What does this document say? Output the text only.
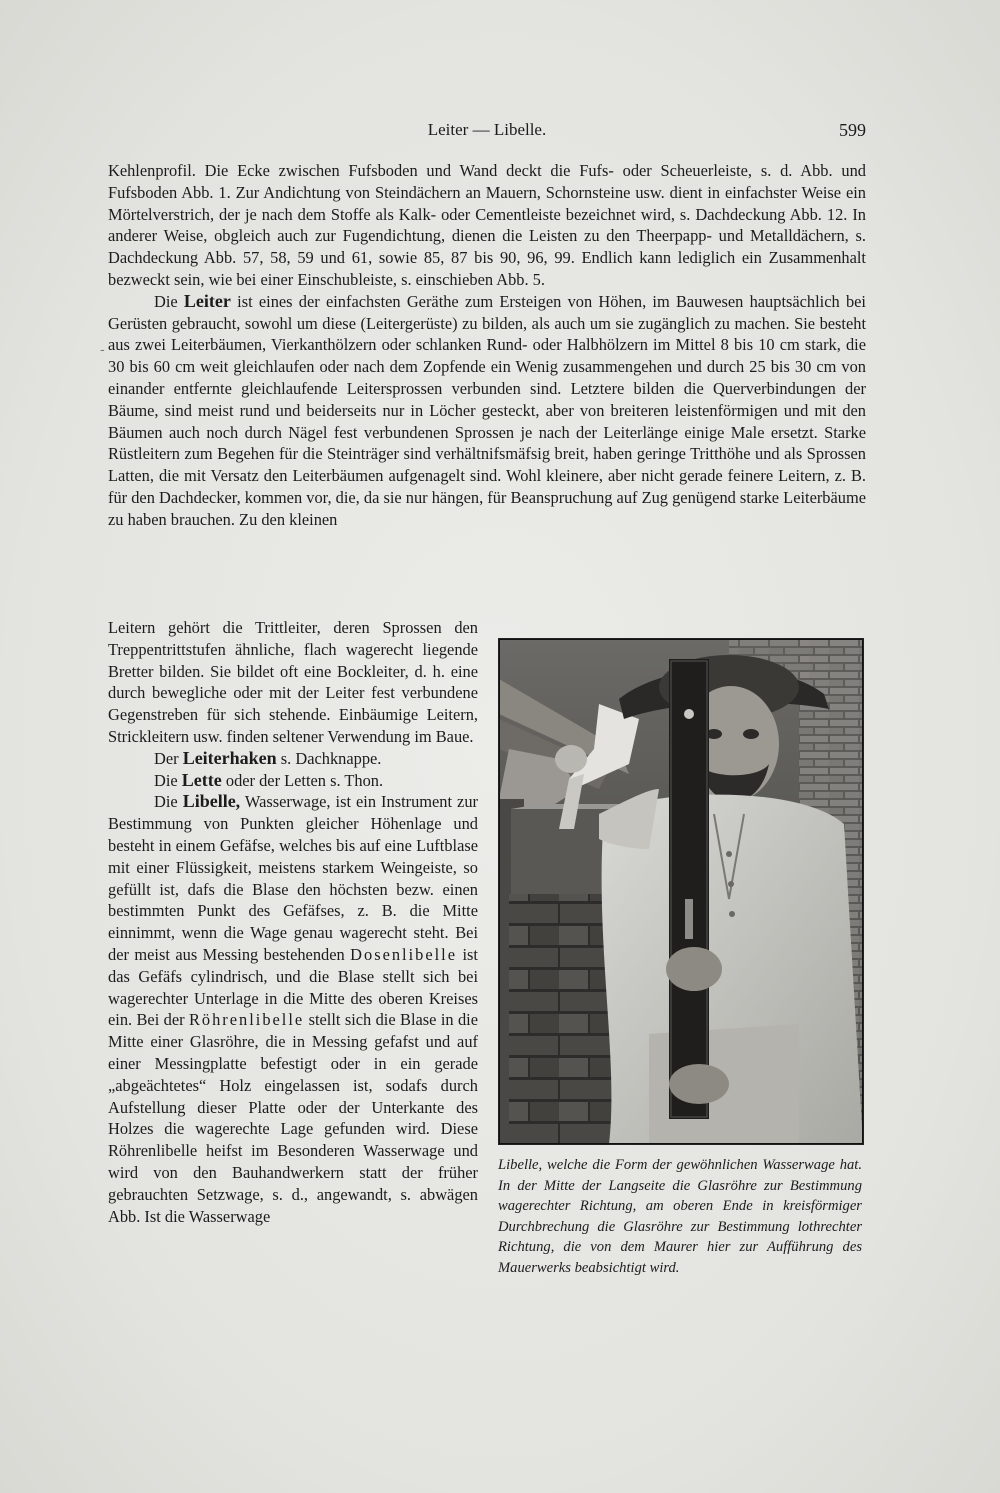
Leiter — Libelle.	599
-

Kehlenprofil. Die Ecke zwischen Fufsboden und Wand deckt die Fufs- oder Scheuerleiste, s. d. Abb. und Fufsboden Abb. 1. Zur Andichtung von Steindächern an Mauern, Schornsteine usw. dient in einfachster Weise ein Mörtelverstrich, der je nach dem Stoffe als Kalk- oder Cementleiste bezeichnet wird, s. Dachdeckung Abb. 12. In anderer Weise, obgleich auch zur Fugendichtung, dienen die Leisten zu den Theerpapp- und Metalldächern, s. Dachdeckung Abb. 57, 58, 59 und 61, sowie 85, 87 bis 90, 96, 99. Endlich kann lediglich ein Zusammenhalt bezweckt sein, wie bei einer Einschubleiste, s. einschieben Abb. 5.

Die Leiter ist eines der einfachsten Geräthe zum Ersteigen von Höhen, im Bauwesen hauptsächlich bei Gerüsten gebraucht, sowohl um diese (Leitergerüste) zu bilden, als auch um sie zugänglich zu machen. Sie besteht aus zwei Leiterbäumen, Vierkanthölzern oder schlanken Rund- oder Halbhölzern im Mittel 8 bis 10 cm stark, die 30 bis 60 cm weit gleichlaufen oder nach dem Zopfende ein Wenig zusammengehen und durch 25 bis 30 cm von einander entfernte gleichlaufende Leitersprossen verbunden sind. Letztere bilden die Querverbindungen der Bäume, sind meist rund und beiderseits nur in Löcher gesteckt, aber von breiteren leistenförmigen und mit den Bäumen auch noch durch Nägel fest verbundenen Sprossen je nach der Leiterlänge einige Male ersetzt. Starke Rüstleitern zum Begehen für die Steinträger sind verhältnifsmäfsig breit, haben geringe Tritthöhe und als Sprossen Latten, die mit Versatz den Leiterbäumen aufgenagelt sind. Wohl kleinere, aber nicht gerade feinere Leitern, z. B. für den Dachdecker, kommen vor, die, da sie nur hängen, für Beanspruchung auf Zug genügend starke Leiterbäume zu haben brauchen. Zu den kleinen

Leitern gehört die Trittleiter, deren Sprossen den Treppentrittstufen ähnliche, flach wagerecht liegende Bretter bilden. Sie bildet oft eine Bockleiter, d. h. eine durch bewegliche oder mit der Leiter fest verbundene Gegenstreben für sich stehende. Einbäumige Leitern, Strickleitern usw. finden seltener Verwendung im Baue.

Der Leiterhaken s. Dachknappe.

Die Lette oder der Letten s. Thon.

Die Libelle, Wasserwage, ist ein Instrument zur Bestimmung von Punkten gleicher Höhenlage und besteht in einem Gefäfse, welches bis auf eine Luftblase mit einer Flüssigkeit, meistens starkem Weingeiste, so gefüllt ist, dafs die Blase den höchsten bezw. einen bestimmten Punkt des Gefäfses, z. B. die Mitte einnimmt, wenn die Wage genau wagerecht steht. Bei der meist aus Messing bestehenden Dosenlibelle ist das Gefäfs cylindrisch, und die Blase stellt sich bei wagerechter Unterlage in die Mitte des oberen Kreises ein. Bei der Röhrenlibelle stellt sich die Blase in die Mitte einer Glasröhre, die in Messing gefafst und auf einer Messingplatte befestigt oder in ein gerade „abgeächtetes“ Holz eingelassen ist, sodafs durch Aufstellung dieser Platte oder der Unterkante des Holzes die wagerechte Lage gefunden wird. Diese Röhrenlibelle heifst im Besonderen Wasserwage und wird von den Bauhandwerkern statt der früher gebrauchten Setzwage, s. d., angewandt, s. abwägen Abb. Ist die Wasserwage

Libelle, welche die Form der gewöhnlichen Wasserwage hat. In der Mitte der Langseite die Glasröhre zur Bestimmung wagerechter Richtung, am oberen Ende in kreisförmiger Durchbrechung die Glasröhre zur Bestimmung lothrechter Richtung, die von dem Maurer hier zur Aufführung des Mauerwerks beabsichtigt wird.
